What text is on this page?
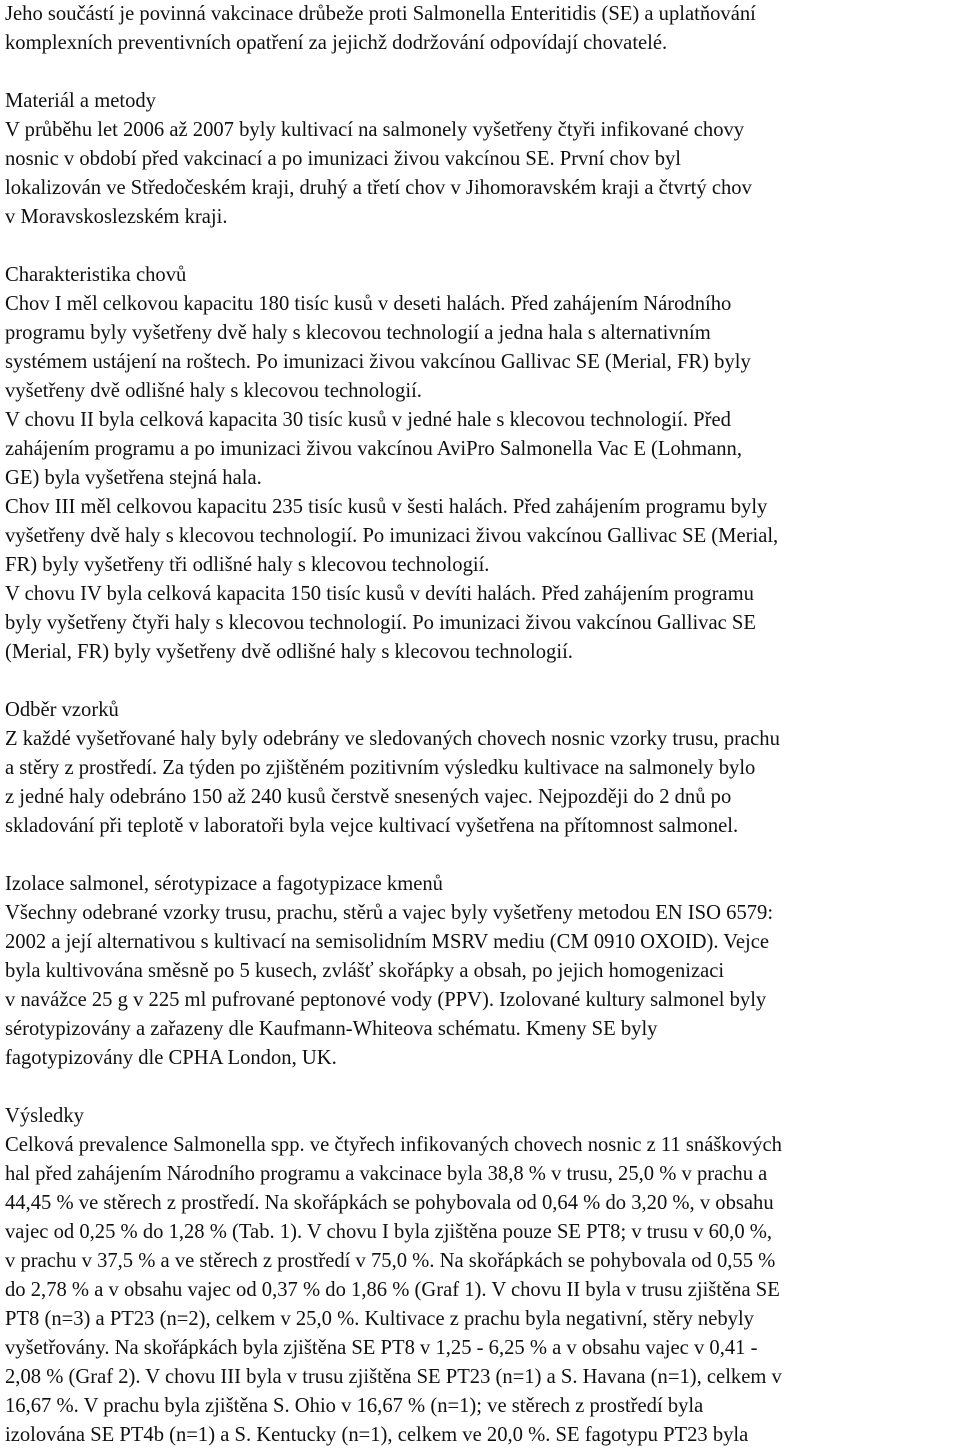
Jeho součástí je povinná vakcinace drůbeže proti Salmonella Enteritidis (SE) a uplatňování
komplexních preventivních opatření za jejichž dodržování odpovídají chovatelé.
Materiál a metody
V průběhu let 2006 až 2007 byly kultivací na salmonely vyšetřeny čtyři infikované chovy
nosnic v období před vakcinací a po imunizaci živou vakcínou SE. První chov byl
lokalizován ve Středočeském kraji, druhý a třetí chov v Jihomoravském kraji a čtvrtý chov
v Moravskoslezském kraji.
Charakteristika chovů
Chov I měl celkovou kapacitu 180 tisíc kusů v deseti halách. Před zahájením Národního
programu byly vyšetřeny dvě haly s klecovou technologií a jedna hala s alternativním
systémem ustájení na roštech. Po imunizaci živou vakcínou Gallivac SE (Merial, FR) byly
vyšetřeny dvě odlišné haly s klecovou technologií.
V chovu II byla celková kapacita 30 tisíc kusů v jedné hale s klecovou technologií. Před
zahájením programu a po imunizaci živou vakcínou AviPro Salmonella Vac E (Lohmann,
GE) byla vyšetřena stejná hala.
Chov III měl celkovou kapacitu 235 tisíc kusů v šesti halách. Před zahájením programu byly
vyšetřeny dvě haly s klecovou technologií. Po imunizaci živou vakcínou Gallivac SE (Merial,
FR) byly vyšetřeny tři odlišné haly s klecovou technologií.
V chovu IV byla celková kapacita 150 tisíc kusů v devíti halách. Před zahájením programu
byly vyšetřeny čtyři haly s klecovou technologií. Po imunizaci živou vakcínou Gallivac SE
(Merial, FR) byly vyšetřeny dvě odlišné haly s klecovou technologií.
Odběr vzorků
Z každé vyšetřované haly byly odebrány ve sledovaných chovech nosnic vzorky trusu, prachu
a stěry z prostředí. Za týden po zjištěném pozitivním výsledku kultivace na salmonely bylo
z jedné haly odebráno 150 až 240 kusů čerstvě snesených vajec. Nejpozději do 2 dnů po
skladování při teplotě v laboratoři byla vejce kultivací vyšetřena na přítomnost salmonel.
Izolace salmonel, sérotypizace a fagotypizace kmenů
Všechny odebrané vzorky trusu, prachu, stěrů a vajec byly vyšetřeny metodou EN ISO 6579:
2002 a její alternativou s kultivací na semisolidním MSRV mediu (CM 0910 OXOID). Vejce
byla kultivována směsně po 5 kusech, zvlášť skořápky a obsah, po jejich homogenizaci
v navážce 25 g v 225 ml pufrované peptonové vody (PPV). Izolované kultury salmonel byly
sérotypizovány a zařazeny dle Kaufmann-Whiteova schématu. Kmeny SE byly
fagotypizovány dle CPHA London, UK.
Výsledky
Celková prevalence Salmonella spp. ve čtyřech infikovaných chovech nosnic z 11 snáškových
hal před zahájením Národního programu a vakcinace byla 38,8 % v trusu, 25,0 % v prachu a
44,45 % ve stěrech z prostředí. Na skořápkách se pohybovala od 0,64 % do 3,20 %, v obsahu
vajec od 0,25 % do 1,28 % (Tab. 1). V chovu I byla zjištěna pouze SE PT8; v trusu v 60,0 %,
v prachu v 37,5 % a ve stěrech z prostředí v 75,0 %. Na skořápkách se pohybovala od 0,55 %
do 2,78 % a v obsahu vajec od 0,37 % do 1,86 % (Graf 1). V chovu II byla v trusu zjištěna SE
PT8 (n=3) a PT23 (n=2), celkem v 25,0 %. Kultivace z prachu byla negativní, stěry nebyly
vyšetřovány. Na skořápkách byla zjištěna SE PT8 v 1,25 - 6,25 % a v obsahu vajec v 0,41 -
2,08 % (Graf 2). V chovu III byla v trusu zjištěna SE PT23 (n=1) a S. Havana (n=1), celkem v
16,67 %. V prachu byla zjištěna S. Ohio v 16,67 % (n=1); ve stěrech z prostředí byla
izolována SE PT4b (n=1) a S. Kentucky (n=1), celkem ve 20,0 %. SE fagotypu PT23 byla
